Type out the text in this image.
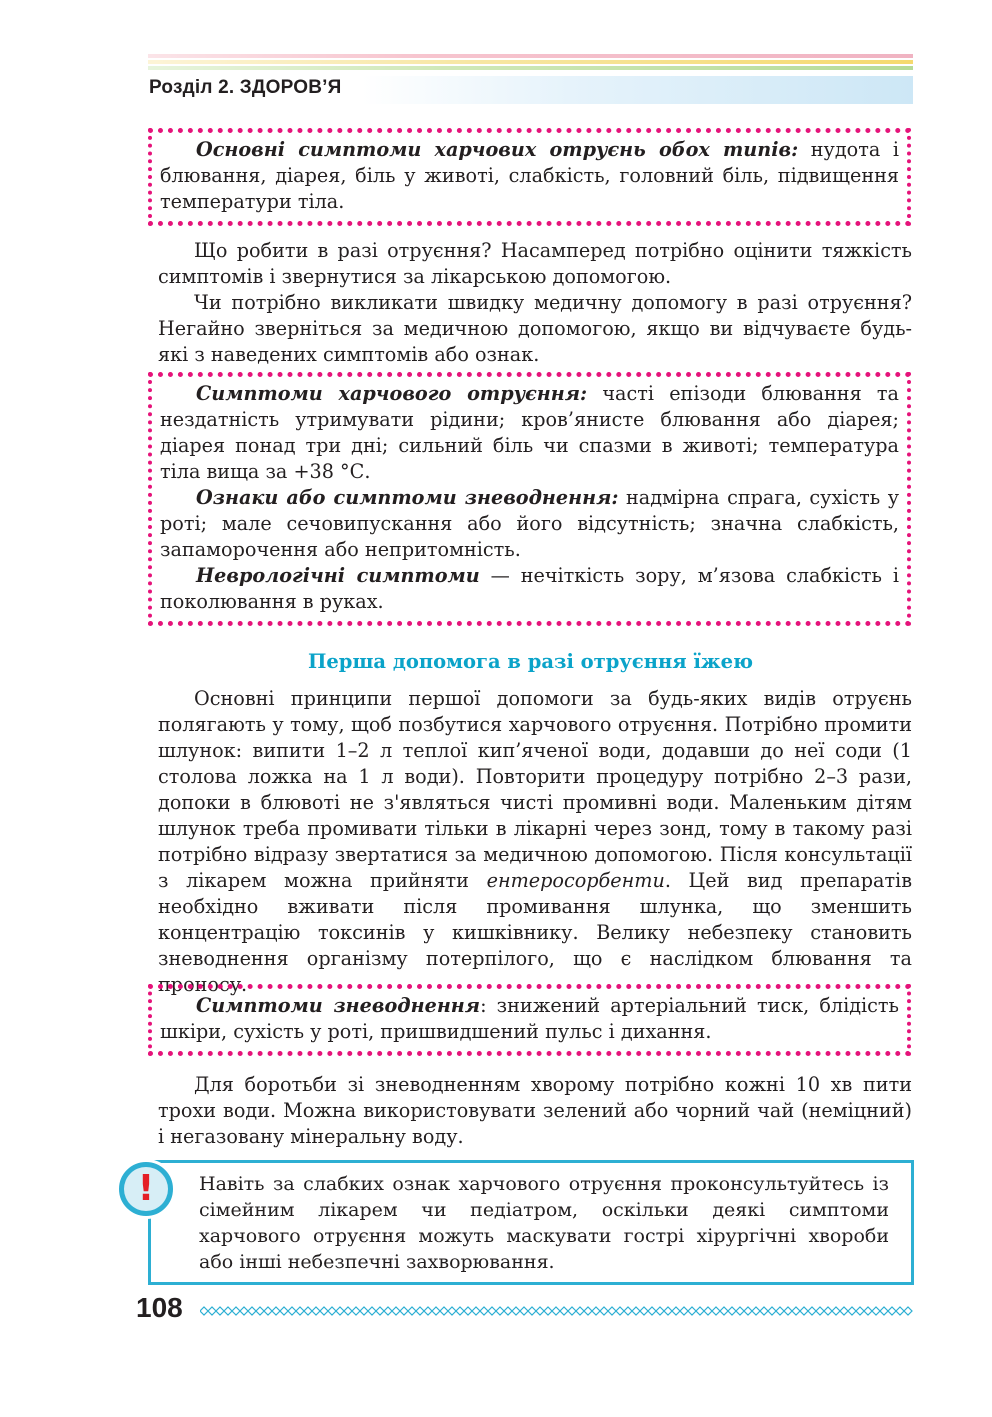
Розділ 2. ЗДОРОВ’Я

Основні симптоми харчових отруєнь обох типів: нудота і блювання, діарея, біль у животі, слабкість, головний біль, підвищення температури тіла.

Що робити в разі отруєння? Насамперед потрібно оцінити тяжкість симптомів і звернутися за лікарською допомогою.

Чи потрібно викликати швидку медичну допомогу в разі отруєння? Негайно зверніться за медичною допомогою, якщо ви відчуваєте будь-які з наведених симптомів або ознак.

Симптоми харчового отруєння: часті епізоди блювання та нездатність утримувати рідини; кров’янисте блювання або діарея; діарея понад три дні; сильний біль чи спазми в животі; температура тіла вища за +38 °С.

Ознаки або симптоми зневоднення: надмірна спрага, сухість у роті; мале сечовипускання або його відсутність; значна слабкість, запаморочення або непритомність.

Неврологічні симптоми — нечіткість зору, м’язова слабкість і поколювання в руках.

Перша допомога в разі отруєння їжею

Основні принципи першої допомоги за будь-яких видів отруєнь полягають у тому, щоб позбутися харчового отруєння. Потрібно промити шлунок: випити 1–2 л теплої кип’яченої води, додавши до неї соди (1 столова ложка на 1 л води). Повторити процедуру потрібно 2–3 рази, допоки в блювоті не з'являться чисті промивні води. Маленьким дітям шлунок треба промивати тільки в лікарні через зонд, тому в такому разі потрібно відразу звертатися за медичною допомогою. Після консультації з лікарем можна прийняти ентеросорбенти. Цей вид препаратів необхідно вживати після промивання шлунка, що зменшить концентрацію токсинів у кишківнику. Велику небезпеку становить зневоднення організму потерпілого, що є наслідком блювання та проносу.

Симптоми зневоднення: знижений артеріальний тиск, блідість шкіри, сухість у роті, пришвидшений пульс і дихання.

Для боротьби зі зневодненням хворому потрібно кожні 10 хв пити трохи води. Можна використовувати зелений або чорний чай (неміцний) і негазовану мінеральну воду.

Навіть за слабких ознак харчового отруєння проконсультуйтесь із сімейним лікарем чи педіатром, оскільки деякі симптоми харчового отруєння можуть маскувати гострі хірургічні хвороби або інші небезпечні захворювання.

!
108
